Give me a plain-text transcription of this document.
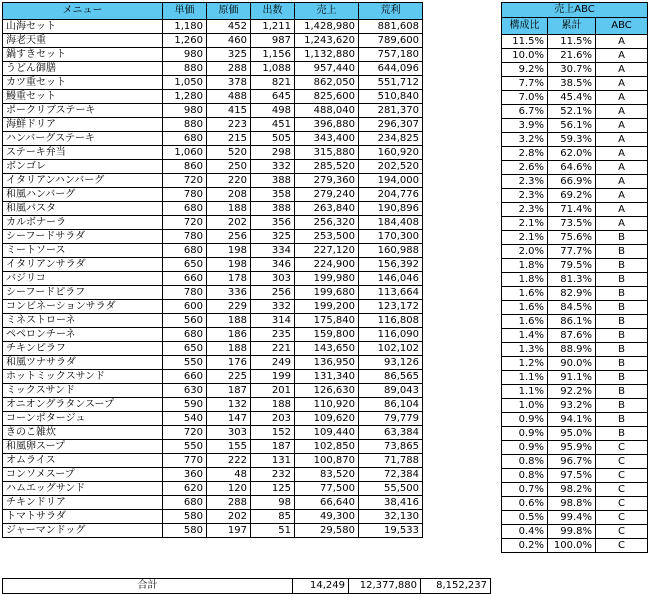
メニュー	単価	原価	出数	売上	荒利
山海セット	1,180	452	1,211	1,428,980	881,608
海老天重	1,260	460	987	1,243,620	789,600
鍋すきセット	980	325	1,156	1,132,880	757,180
うどん御膳	880	288	1,088	957,440	644,096
カツ重セット	1,050	378	821	862,050	551,712
鰻重セット	1,280	488	645	825,600	510,840
ポークリブステーキ	980	415	498	488,040	281,370
海鮮ドリア	880	223	451	396,880	296,307
ハンバーグステーキ	680	215	505	343,400	234,825
ステーキ弁当	1,060	520	298	315,880	160,920
ボンゴレ	860	250	332	285,520	202,520
イタリアンハンバーグ	720	220	388	279,360	194,000
和風ハンバーグ	780	208	358	279,240	204,776
和風パスタ	680	188	388	263,840	190,896
カルボナーラ	720	202	356	256,320	184,408
シーフードサラダ	780	256	325	253,500	170,300
ミートソース	680	198	334	227,120	160,988
イタリアンサラダ	650	198	346	224,900	156,392
バジリコ	660	178	303	199,980	146,046
シーフードピラフ	780	336	256	199,680	113,664
コンビネーションサラダ	600	229	332	199,200	123,172
ミネストローネ	560	188	314	175,840	116,808
ペペロンチーネ	680	186	235	159,800	116,090
チキンピラフ	650	188	221	143,650	102,102
和風ツナサラダ	550	176	249	136,950	93,126
ホットミックスサンド	660	225	199	131,340	86,565
ミックスサンド	630	187	201	126,630	89,043
オニオングラタンスープ	590	132	188	110,920	86,104
コーンポタージュ	540	147	203	109,620	79,779
きのこ雑炊	720	303	152	109,440	63,384
和風卵スープ	550	155	187	102,850	73,865
オムライス	770	222	131	100,870	71,788
コンソメスープ	360	48	232	83,520	72,384
ハムエッグサンド	620	120	125	77,500	55,500
チキンドリア	680	288	98	66,640	38,416
トマトサラダ	580	202	85	49,300	32,130
ジャーマンドッグ	580	197	51	29,580	19,533
売上ABC		
構成比	累計	ABC
11.5%	11.5%	A
10.0%	21.6%	A
9.2%	30.7%	A
7.7%	38.5%	A
7.0%	45.4%	A
6.7%	52.1%	A
3.9%	56.1%	A
3.2%	59.3%	A
2.8%	62.0%	A
2.6%	64.6%	A
2.3%	66.9%	A
2.3%	69.2%	A
2.3%	71.4%	A
2.1%	73.5%	A
2.1%	75.6%	B
2.0%	77.7%	B
1.8%	79.5%	B
1.8%	81.3%	B
1.6%	82.9%	B
1.6%	84.5%	B
1.6%	86.1%	B
1.4%	87.6%	B
1.3%	88.9%	B
1.2%	90.0%	B
1.1%	91.1%	B
1.1%	92.2%	B
1.0%	93.2%	B
0.9%	94.1%	B
0.9%	95.0%	B
0.9%	95.9%	C
0.8%	96.7%	C
0.8%	97.5%	C
0.7%	98.2%	C
0.6%	98.8%	C
0.5%	99.4%	C
0.4%	99.8%	C
0.2%	100.0%	C
合計	14,249	12,377,880	8,152,237
